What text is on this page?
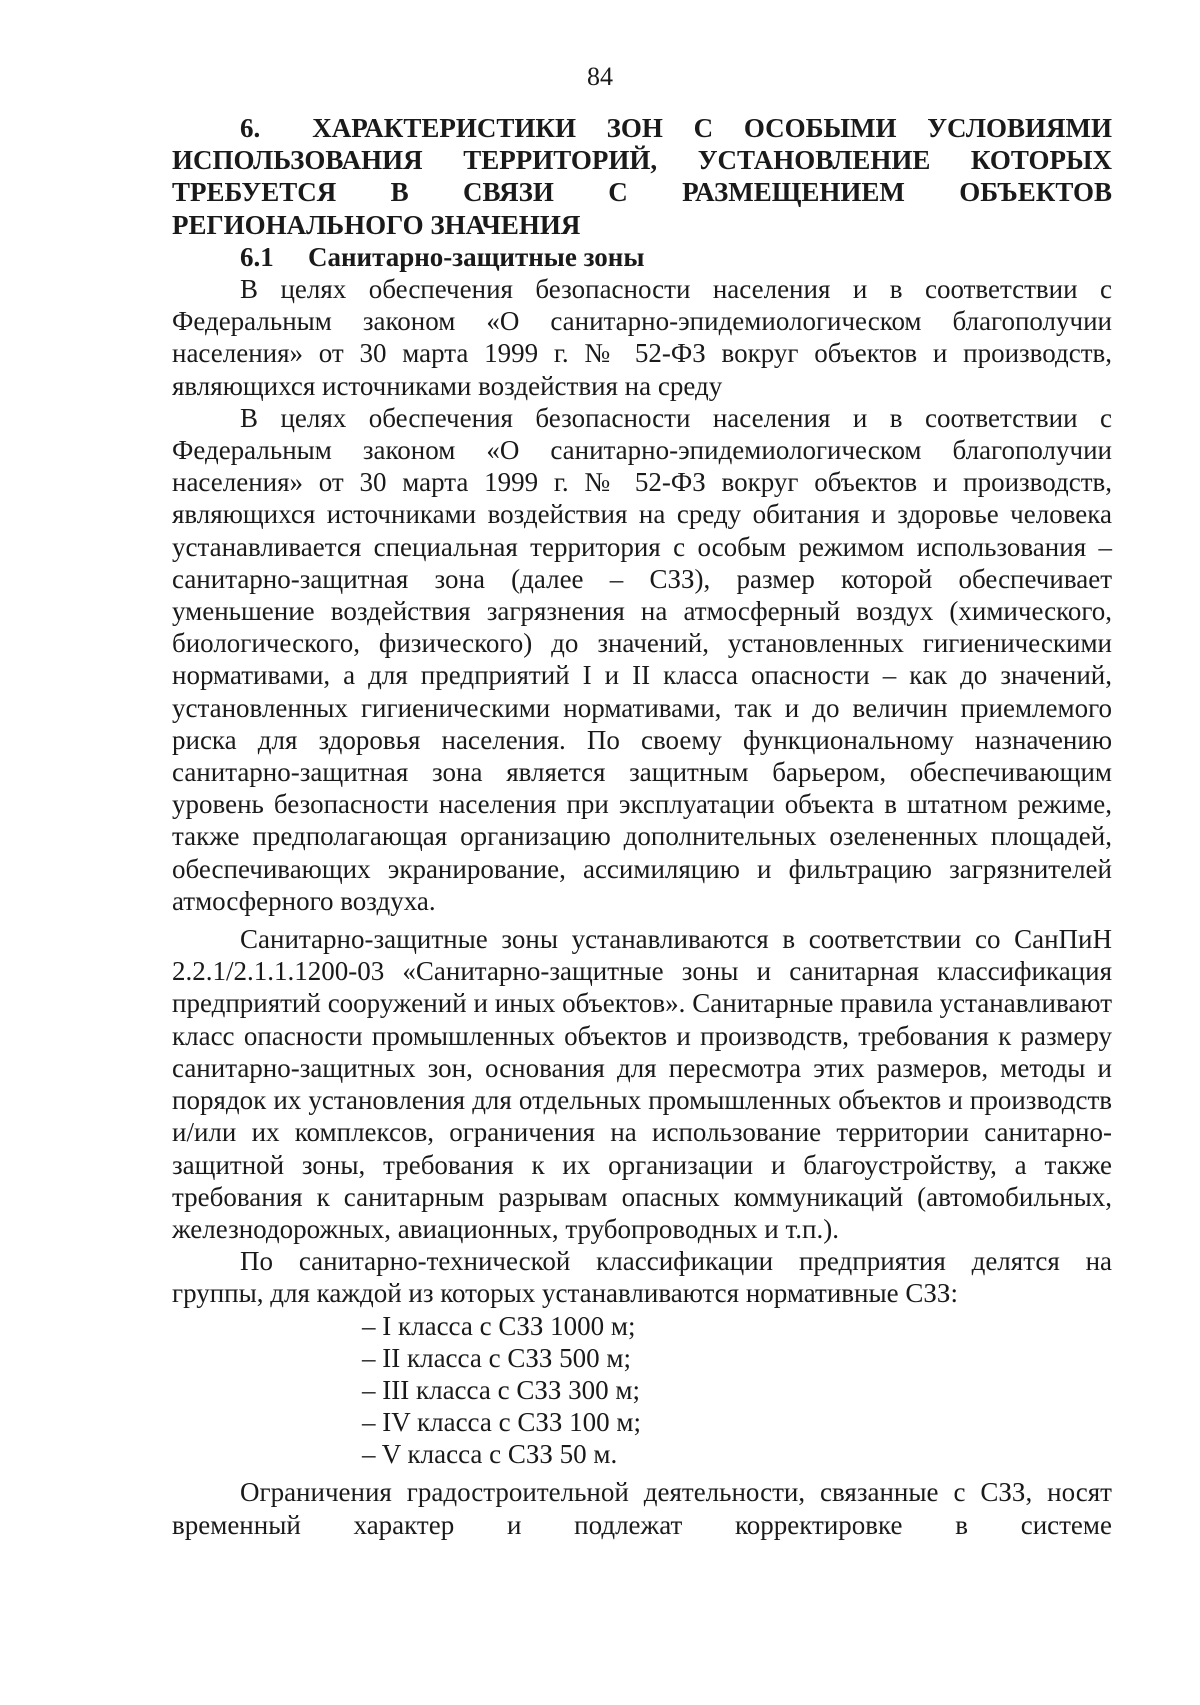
84

6. ХАРАКТЕРИСТИКИ ЗОН С ОСОБЫМИ УСЛОВИЯМИ ИСПОЛЬЗОВАНИЯ ТЕРРИТОРИЙ, УСТАНОВЛЕНИЕ КОТОРЫХ ТРЕБУЕТСЯ В СВЯЗИ С РАЗМЕЩЕНИЕМ ОБЪЕКТОВ РЕГИОНАЛЬНОГО ЗНАЧЕНИЯ

6.1 Санитарно-защитные зоны

В целях обеспечения безопасности населения и в соответствии с Федеральным законом «О санитарно-эпидемиологическом благополучии населения» от 30 марта 1999 г. № 52-ФЗ вокруг объектов и производств, являющихся источниками воздействия на среду

В целях обеспечения безопасности населения и в соответствии с Федеральным законом «О санитарно-эпидемиологическом благополучии населения» от 30 марта 1999 г. № 52-ФЗ вокруг объектов и производств, являющихся источниками воздействия на среду обитания и здоровье человека устанавливается специальная территория с особым режимом использования – санитарно-защитная зона (далее – СЗЗ), размер которой обеспечивает уменьшение воздействия загрязнения на атмосферный воздух (химического, биологического, физического) до значений, установленных гигиеническими нормативами, а для предприятий I и II класса опасности – как до значений, установленных гигиеническими нормативами, так и до величин приемлемого риска для здоровья населения. По своему функциональному назначению санитарно-защитная зона является защитным барьером, обеспечивающим уровень безопасности населения при эксплуатации объекта в штатном режиме, также предполагающая организацию дополнительных озелененных площадей, обеспечивающих экранирование, ассимиляцию и фильтрацию загрязнителей атмосферного воздуха.

Санитарно-защитные зоны устанавливаются в соответствии со СанПиН 2.2.1/2.1.1.1200-03 «Санитарно-защитные зоны и санитарная классификация предприятий сооружений и иных объектов». Санитарные правила устанавливают класс опасности промышленных объектов и производств, требования к размеру санитарно-защитных зон, основания для пересмотра этих размеров, методы и порядок их установления для отдельных промышленных объектов и производств и/или их комплексов, ограничения на использование территории санитарно-защитной зоны, требования к их организации и благоустройству, а также требования к санитарным разрывам опасных коммуникаций (автомобильных, железнодорожных, авиационных, трубопроводных и т.п.).

По санитарно-технической классификации предприятия делятся на группы, для каждой из которых устанавливаются нормативные СЗЗ:

– I класса с СЗЗ 1000 м;
– II класса с СЗЗ 500 м;
– III класса с СЗЗ 300 м;
– IV класса с СЗЗ 100 м;
– V класса с СЗЗ 50 м.

Ограничения градостроительной деятельности, связанные с СЗЗ, носят временный характер и подлежат корректировке в системе
